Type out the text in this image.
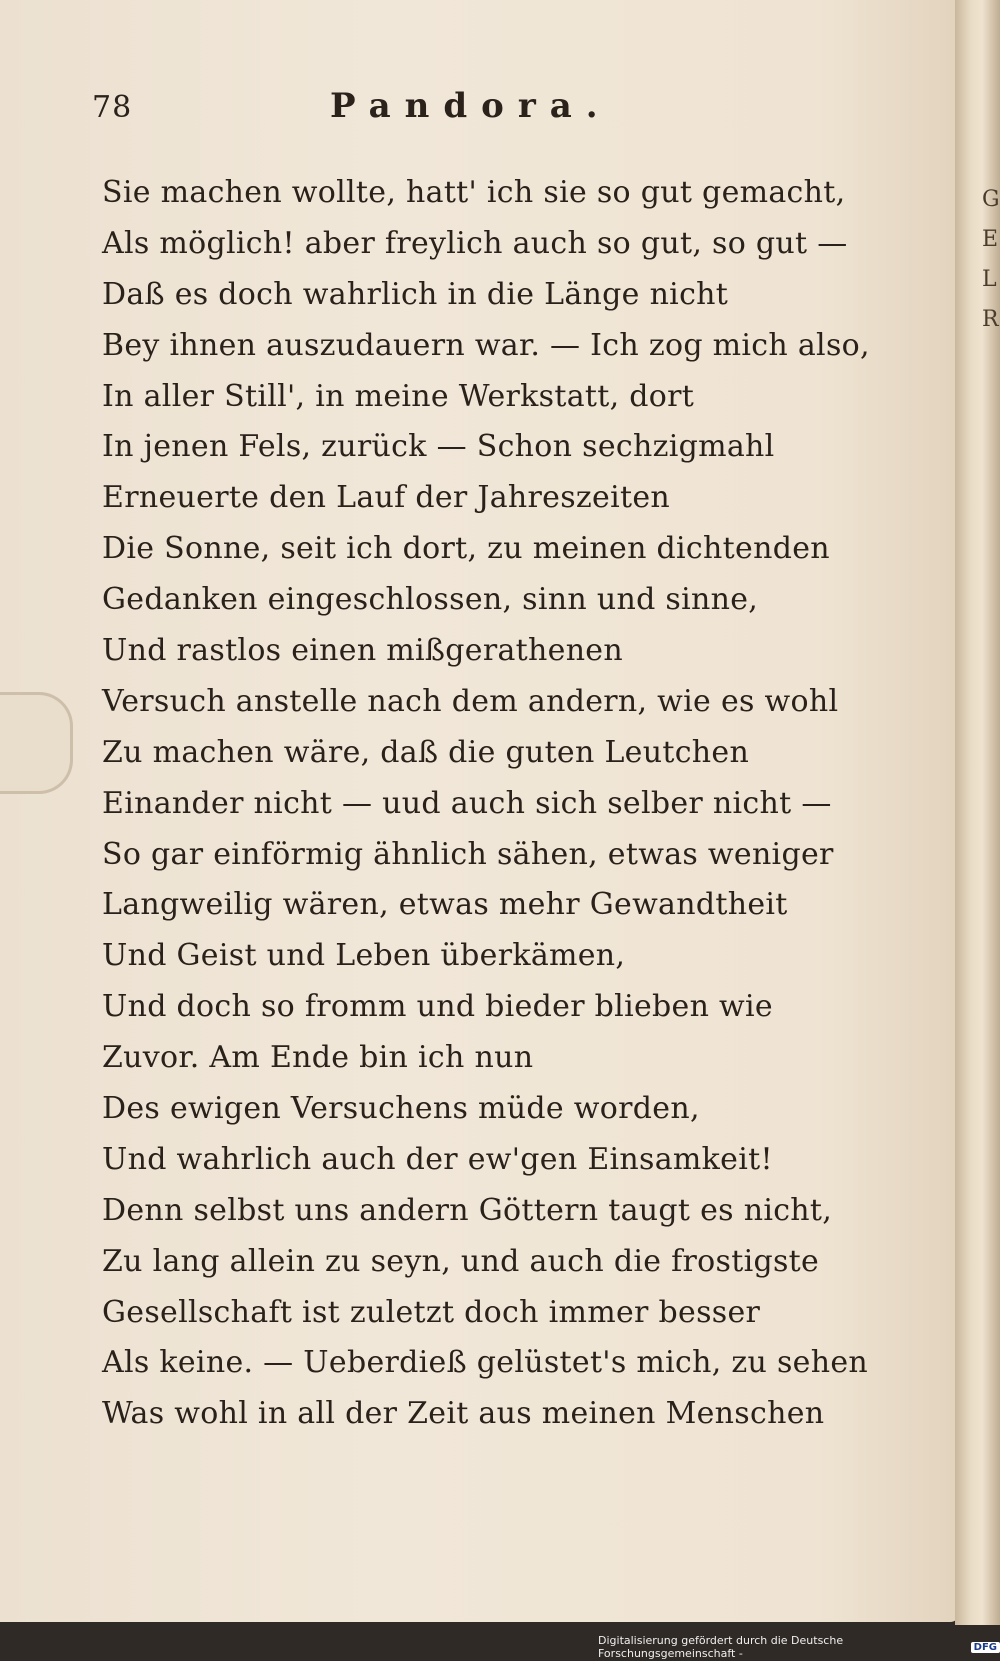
G
E
L
R
78	Pandora.
Sie machen wollte, hatt' ich sie so gut gemacht,
Als möglich! aber freylich auch so gut, so gut —
Daß es doch wahrlich in die Länge nicht
Bey ihnen auszudauern war. — Ich zog mich also,
In aller Still', in meine Werkstatt, dort
In jenen Fels, zurück — Schon sechzigmahl
Erneuerte den Lauf der Jahreszeiten
Die Sonne, seit ich dort, zu meinen dichtenden
Gedanken eingeschlossen, sinn und sinne,
Und rastlos einen mißgerathenen
Versuch anstelle nach dem andern, wie es wohl
Zu machen wäre, daß die guten Leutchen
Einander nicht — uud auch sich selber nicht —
So gar einförmig ähnlich sähen, etwas weniger
Langweilig wären, etwas mehr Gewandtheit
Und Geist und Leben überkämen,
Und doch so fromm und bieder blieben wie
Zuvor. Am Ende bin ich nun
Des ewigen Versuchens müde worden,
Und wahrlich auch der ew'gen Einsamkeit!
Denn selbst uns andern Göttern taugt es nicht,
Zu lang allein zu seyn, und auch die frostigste
Gesellschaft ist zuletzt doch immer besser
Als keine. — Ueberdieß gelüstet's mich, zu sehen
Was wohl in all der Zeit aus meinen Menschen
Digitalisierung gefördert durch die Deutsche Forschungsgemeinschaft -	DFG
